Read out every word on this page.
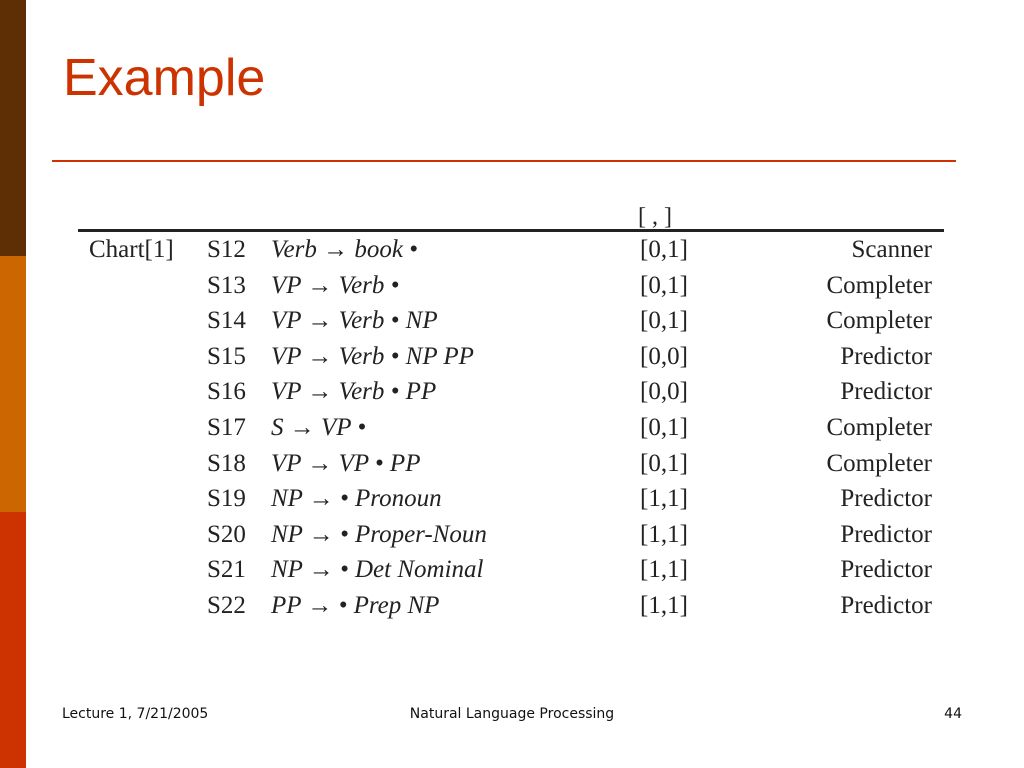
Example
[ , ]
Chart[1] S12 Verb → book •	[0,1]	Scanner
S13 VP → Verb •	[0,1]	Completer
S14 VP → Verb • NP	[0,1]	Completer
S15 VP → Verb • NP PP	[0,0]	Predictor
S16 VP → Verb • PP	[0,0]	Predictor
S17 S → VP •	[0,1]	Completer
S18 VP → VP • PP	[0,1]	Completer
S19 NP → • Pronoun	[1,1]	Predictor
S20 NP → • Proper-Noun	[1,1]	Predictor
S21 NP → • Det Nominal	[1,1]	Predictor
S22 PP → • Prep NP	[1,1]	Predictor
Lecture 1, 7/21/2005	Natural Language Processing	44
